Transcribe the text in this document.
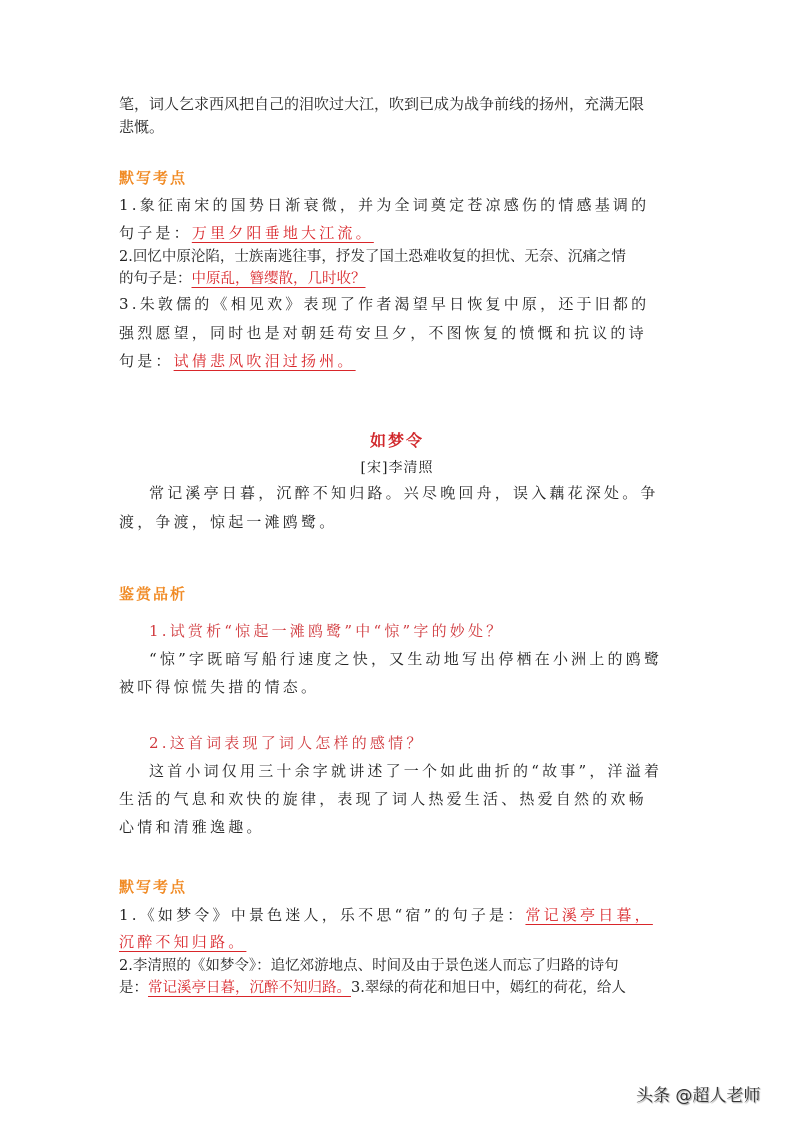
笔，词人乞求西风把自己的泪吹过大江，吹到已成为战争前线的扬州，充满无限
悲慨。
默写考点
1.象征南宋的国势日渐衰微，并为全词奠定苍凉感伤的情感基调的
句子是：万里夕阳垂地大江流。
2.回忆中原沦陷，士族南逃往事，抒发了国土恐难收复的担忧、无奈、沉痛之情
的句子是：中原乱，簪缨散，几时收？
3.朱敦儒的《相见欢》表现了作者渴望早日恢复中原，还于旧都的
强烈愿望，同时也是对朝廷苟安旦夕，不图恢复的愤慨和抗议的诗
句是：试倩悲风吹泪过扬州。
如梦令
[宋]李清照
常记溪亭日暮，沉醉不知归路。兴尽晚回舟，误入藕花深处。争
渡，争渡，惊起一滩鸥鹭。
鉴赏品析
1.试赏析“惊起一滩鸥鹭”中“惊”字的妙处？
“惊”字既暗写船行速度之快，又生动地写出停栖在小洲上的鸥鹭
被吓得惊慌失措的情态。
2.这首词表现了词人怎样的感情？
这首小词仅用三十余字就讲述了一个如此曲折的“故事”，洋溢着
生活的气息和欢快的旋律，表现了词人热爱生活、热爱自然的欢畅
心情和清雅逸趣。
默写考点
1.《如梦令》中景色迷人，乐不思“宿”的句子是：常记溪亭日暮，
沉醉不知归路。
2.李清照的《如梦令》：追忆郊游地点、时间及由于景色迷人而忘了归路的诗句
是：常记溪亭日暮，沉醉不知归路。3.翠绿的荷花和旭日中，嫣红的荷花，给人
头条 @超人老师
